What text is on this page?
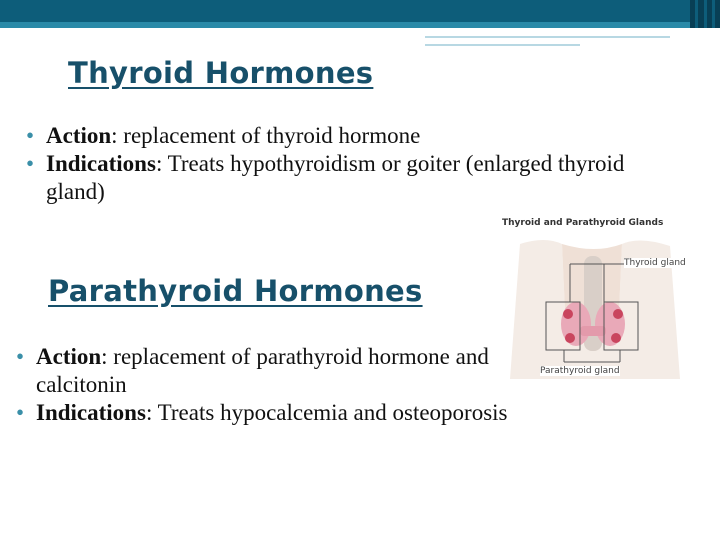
Thyroid Hormones
• Action: replacement of thyroid hormone
• Indications: Treats hypothyroidism or goiter (enlarged thyroid gland)
Parathyroid Hormones
• Action: replacement of parathyroid hormone and calcitonin
• Indications: Treats hypocalcemia and osteoporosis
Thyroid and Parathyroid Glands
Thyroid gland
Parathyroid gland
